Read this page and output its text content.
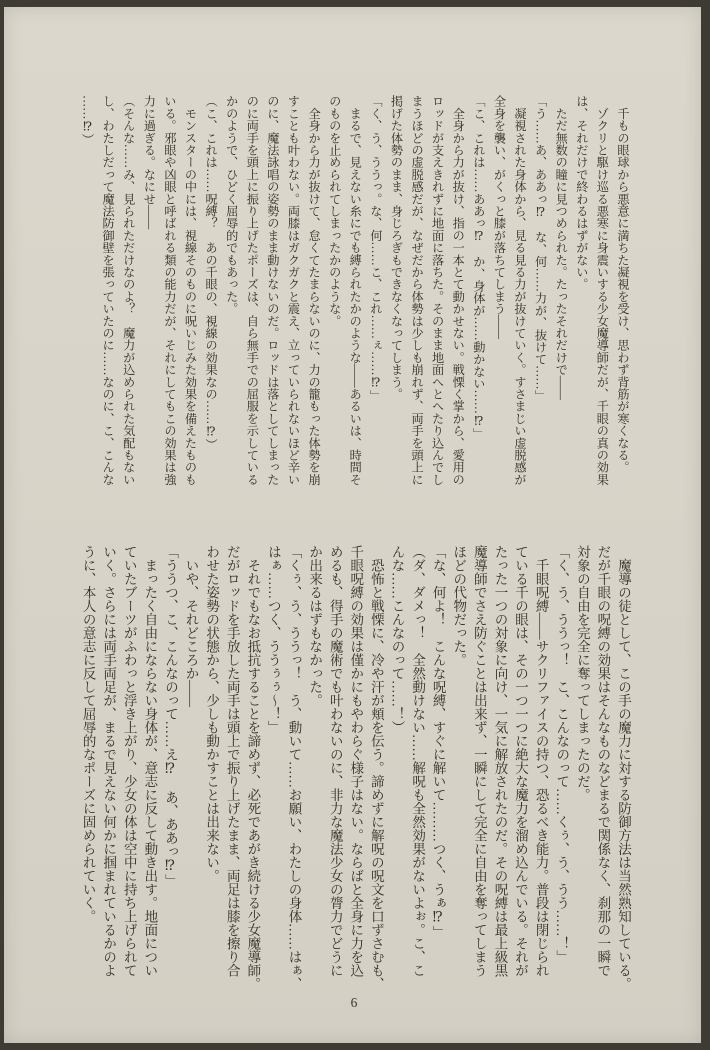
　千もの眼球から悪意に満ちた凝視を受け、思わず背筋が寒くなる。
　ゾクリと駆け巡る悪寒に身震いする少女魔導師だが、千眼の真の効果
は、それだけで終わるはずがない。
　ただ無数の瞳に見つめられた。たったそれだけで――
「う……あ、ああっ⁉　な、何……力が、抜けて……」
　凝視された身体から、見る見る力が抜けていく。すさまじい虚脱感が
全身を襲い、がくっと膝が落ちてしまう――
「こ、これは……ああっ⁉　か、身体が……動かない……⁉」
　全身から力が抜け、指の一本とて動かせない。戦慄く掌から、愛用の
ロッドが支えきれずに地面に落ちた。そのまま地面へとへたり込んでし
まうほどの虚脱感だが、なぜだから体勢は少しも崩れず、両手を頭上に
掲げた体勢のまま、身じろぎもできなくなってしまう。
「く、う、ううっ。な、何……こ、これ……ぇ……⁉」
　まるで、見えない糸にでも縛られたかのような――あるいは、時間そ
のものを止められてしまったかのような。
　全身から力が抜けて、怠くてたまらないのに、力の籠もった体勢を崩
すことも叶わない。両膝はガクガクと震え、立っていられないほど辛い
のに、魔法詠唱の姿勢のまま動けないのだ。ロッドは落としてしまった
のに両手を頭上に振り上げたポーズは、自ら無手での屈服を示している
かのようで、ひどく屈辱的でもあった。
（こ、これは……呪縛？　あの千眼の、視線の効果なの……⁉）
　モンスターの中には、視線そのものに呪いじみた効果を備えたものも
いる。邪眼や凶眼と呼ばれる類の能力だが、それにしてもこの効果は強
力に過ぎる。なにせ――
（そんな……み、見られただけなのよ？　魔力が込められた気配もない
し、わたしだって魔法防御壁を張っていたのに……なのに、こ、こんな
……⁉）
　魔導の徒として、この手の魔力に対する防御方法は当然熟知している。
だが千眼の呪縛の効果はそんなものなどまるで関係なく、刹那の一瞬で
対象の自由を完全に奪ってしまったのだ。
「く、う、ううっ！　こ、こんなのって……くぅ、う、うう……！」
　千眼呪縛――サクリファイスの持つ、恐るべき能力。普段は閉じられ
ている千の眼は、その一つ一つに絶大な魔力を溜め込んでいる。それが
たった一つの対象に向け、一気に解放されたのだ。その呪縛は最上級黒
魔導師でさえ防ぐことは出来ず、一瞬にして完全に自由を奪ってしまう
ほどの代物だった。
「な、何よ！　こんな呪縛、すぐに解いて………つく、うぁ⁉」
（ダ、ダメっ！　全然動けない……解呪も全然効果がないよぉ。こ、こ
んな……こんなのって……！）
　恐怖と戦慄に、冷や汗が頬を伝う。諦めずに解呪の呪文を口ずさむも、
千眼呪縛の効果は僅かにもやわらぐ様子はない。ならばと全身に力を込
めるも、得手の魔術でも叶わないのに、非力な魔法少女の膂力でどうに
か出来るはずもなかった。
「くぅ、う、ううっ！　う、動いて……お願い、わたしの身体……はぁ、
はぁ……つく、ううぅぅ〜！」
　それでもなお抵抗することを諦めず、必死であがき続ける少女魔導師。
だがロッドを手放した両手は頭上で振り上げたまま、両足は膝を擦り合
わせた姿勢の状態から、少しも動かすことは出来ない。
　いや、それどころか――
「ううつ、こ、こんなのって……え⁉　あ、ああっ⁉」
　まったく自由にならない身体が、意志に反して動き出す。地面につい
ていたブーツがふわっと浮き上がり、少女の体は空中に持ち上げられて
いく。さらには両手両足が、まるで見えない何かに掴まれているかのよ
うに、本人の意志に反して屈辱的なポーズに固められていく。
6
